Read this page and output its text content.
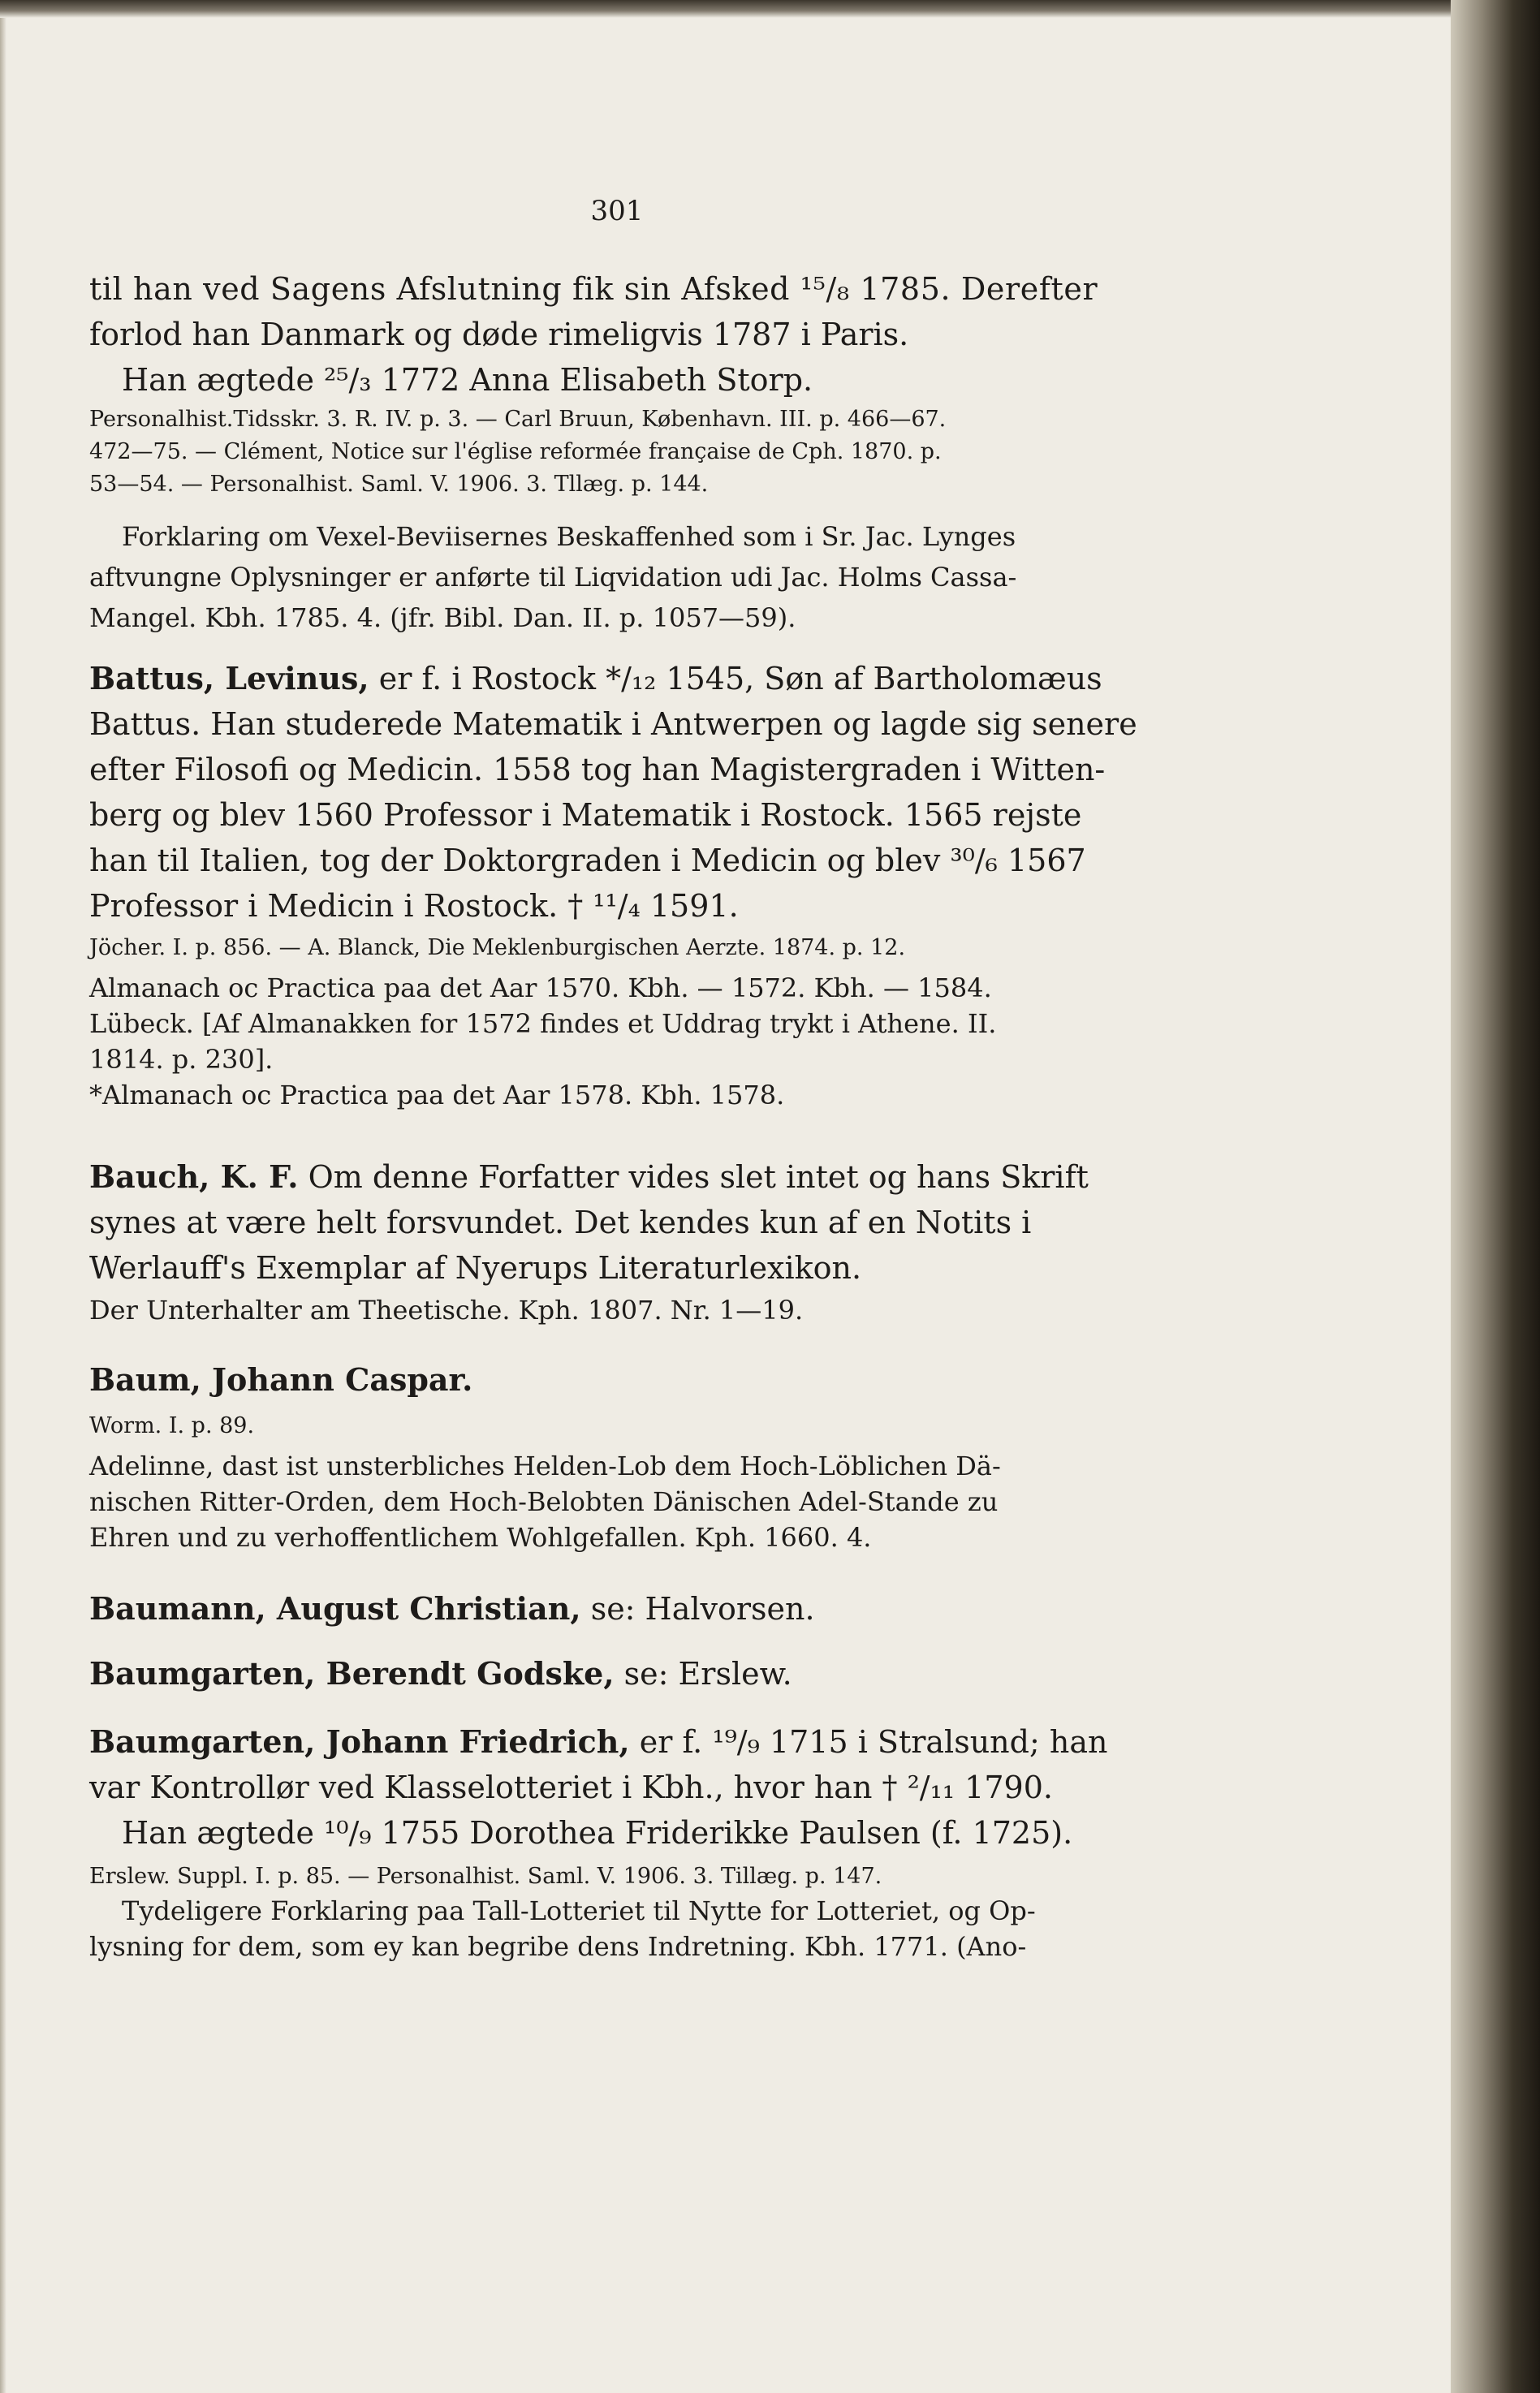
301
til han ved Sagens Afslutning fik sin Afsked ¹⁵/₈ 1785. Derefter
forlod han Danmark og døde rimeligvis 1787 i Paris.
Han ægtede ²⁵/₃ 1772 Anna Elisabeth Storp.
Personalhist.Tidsskr. 3. R. IV. p. 3. — Carl Bruun, København. III. p. 466—67.
472—75. — Clément, Notice sur l'église reformée française de Cph. 1870. p.
53—54. — Personalhist. Saml. V. 1906. 3. Tllæg. p. 144.
Forklaring om Vexel-Beviisernes Beskaffenhed som i Sr. Jac. Lynges
aftvungne Oplysninger er anførte til Liqvidation udi Jac. Holms Cassa-
Mangel. Kbh. 1785. 4. (jfr. Bibl. Dan. II. p. 1057—59).
Battus, Levinus, er f. i Rostock */₁₂ 1545, Søn af Bartholomæus
Battus. Han studerede Matematik i Antwerpen og lagde sig senere
efter Filosofi og Medicin. 1558 tog han Magistergraden i Witten-
berg og blev 1560 Professor i Matematik i Rostock. 1565 rejste
han til Italien, tog der Doktorgraden i Medicin og blev ³⁰/₆ 1567
Professor i Medicin i Rostock. † ¹¹/₄ 1591.
Jöcher. I. p. 856. — A. Blanck, Die Meklenburgischen Aerzte. 1874. p. 12.
Almanach oc Practica paa det Aar 1570. Kbh. — 1572. Kbh. — 1584.
Lübeck. [Af Almanakken for 1572 findes et Uddrag trykt i Athene. II.
1814. p. 230].
*Almanach oc Practica paa det Aar 1578. Kbh. 1578.
Bauch, K. F. Om denne Forfatter vides slet intet og hans Skrift
synes at være helt forsvundet. Det kendes kun af en Notits i
Werlauff's Exemplar af Nyerups Literaturlexikon.
Der Unterhalter am Theetische. Kph. 1807. Nr. 1—19.
Baum, Johann Caspar.
Worm. I. p. 89.
Adelinne, dast ist unsterbliches Helden-Lob dem Hoch-Löblichen Dä-
nischen Ritter-Orden, dem Hoch-Belobten Dänischen Adel-Stande zu
Ehren und zu verhoffentlichem Wohlgefallen. Kph. 1660. 4.
Baumann, August Christian, se: Halvorsen.
Baumgarten, Berendt Godske, se: Erslew.
Baumgarten, Johann Friedrich, er f. ¹⁹/₉ 1715 i Stralsund; han
var Kontrollør ved Klasselotteriet i Kbh., hvor han † ²/₁₁ 1790.
Han ægtede ¹⁰/₉ 1755 Dorothea Friderikke Paulsen (f. 1725).
Erslew. Suppl. I. p. 85. — Personalhist. Saml. V. 1906. 3. Tillæg. p. 147.
Tydeligere Forklaring paa Tall-Lotteriet til Nytte for Lotteriet, og Op-
lysning for dem, som ey kan begribe dens Indretning. Kbh. 1771. (Ano-
